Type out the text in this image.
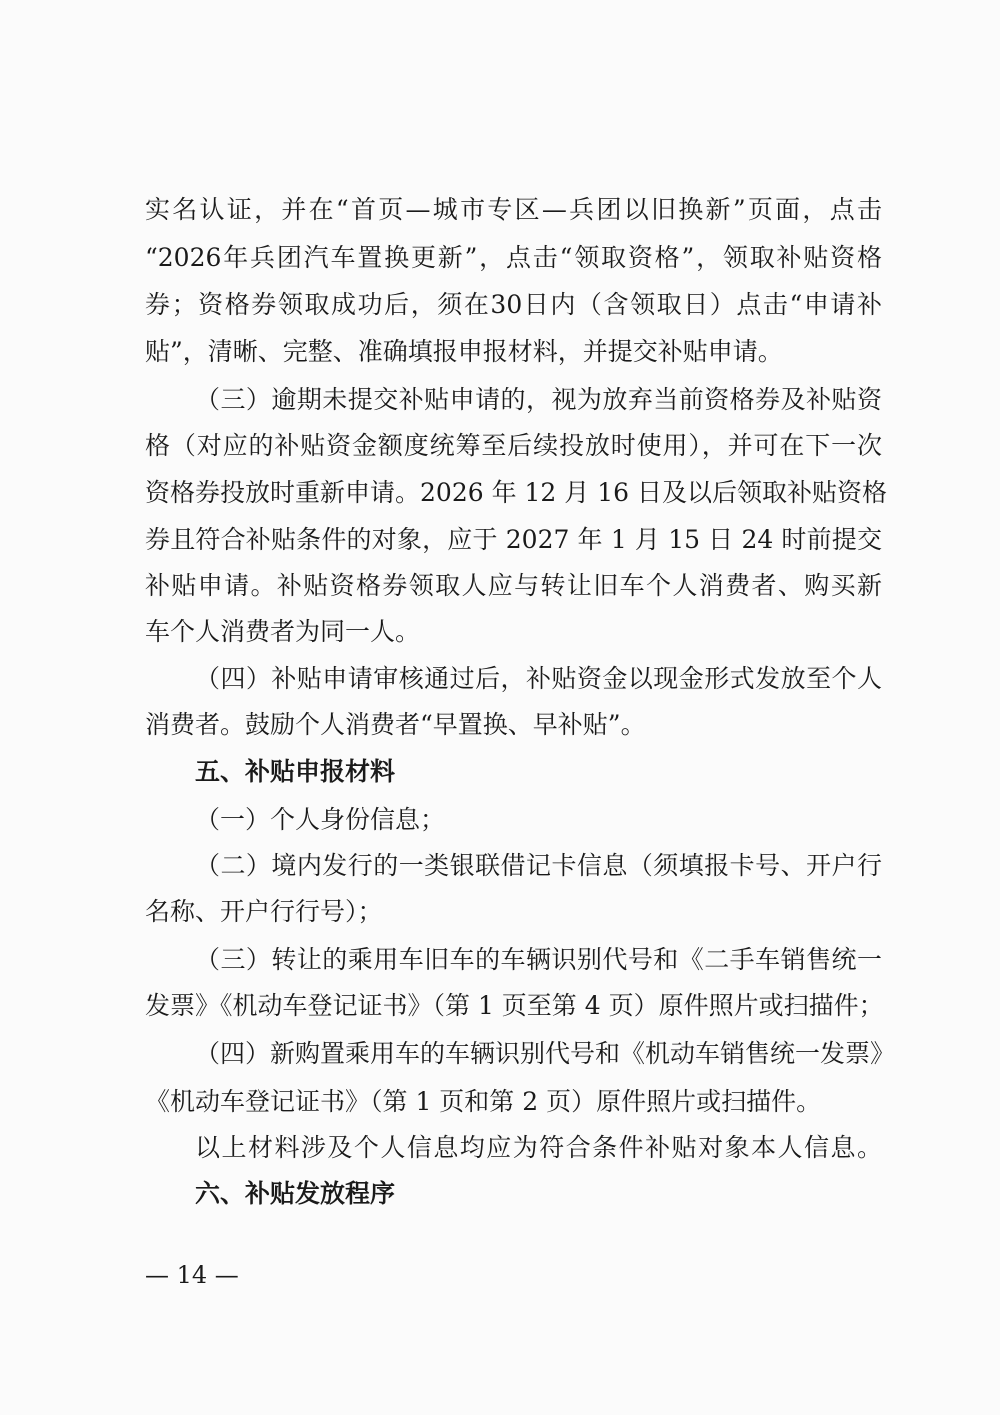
实名认证，并在“首页—城市专区—兵团以旧换新”页面，点击
“2026年兵团汽车置换更新”，点击“领取资格”，领取补贴资格
券；资格券领取成功后，须在30日内（含领取日）点击“申请补
贴”，清晰、完整、准确填报申报材料，并提交补贴申请。
（三）逾期未提交补贴申请的，视为放弃当前资格券及补贴资
格（对应的补贴资金额度统筹至后续投放时使用），并可在下一次
资格券投放时重新申请。2026 年 12 月 16 日及以后领取补贴资格
券且符合补贴条件的对象，应于 2027 年 1 月 15 日 24 时前提交
补贴申请。补贴资格券领取人应与转让旧车个人消费者、购买新
车个人消费者为同一人。
（四）补贴申请审核通过后，补贴资金以现金形式发放至个人
消费者。鼓励个人消费者“早置换、早补贴”。
五、补贴申报材料
（一）个人身份信息；
（二）境内发行的一类银联借记卡信息（须填报卡号、开户行
名称、开户行行号）；
（三）转让的乘用车旧车的车辆识别代号和《二手车销售统一
发票》《机动车登记证书》（第 1 页至第 4 页）原件照片或扫描件；
（四）新购置乘用车的车辆识别代号和《机动车销售统一发票》
《机动车登记证书》（第 1 页和第 2 页）原件照片或扫描件。
以上材料涉及个人信息均应为符合条件补贴对象本人信息。
六、补贴发放程序
— 14 —
